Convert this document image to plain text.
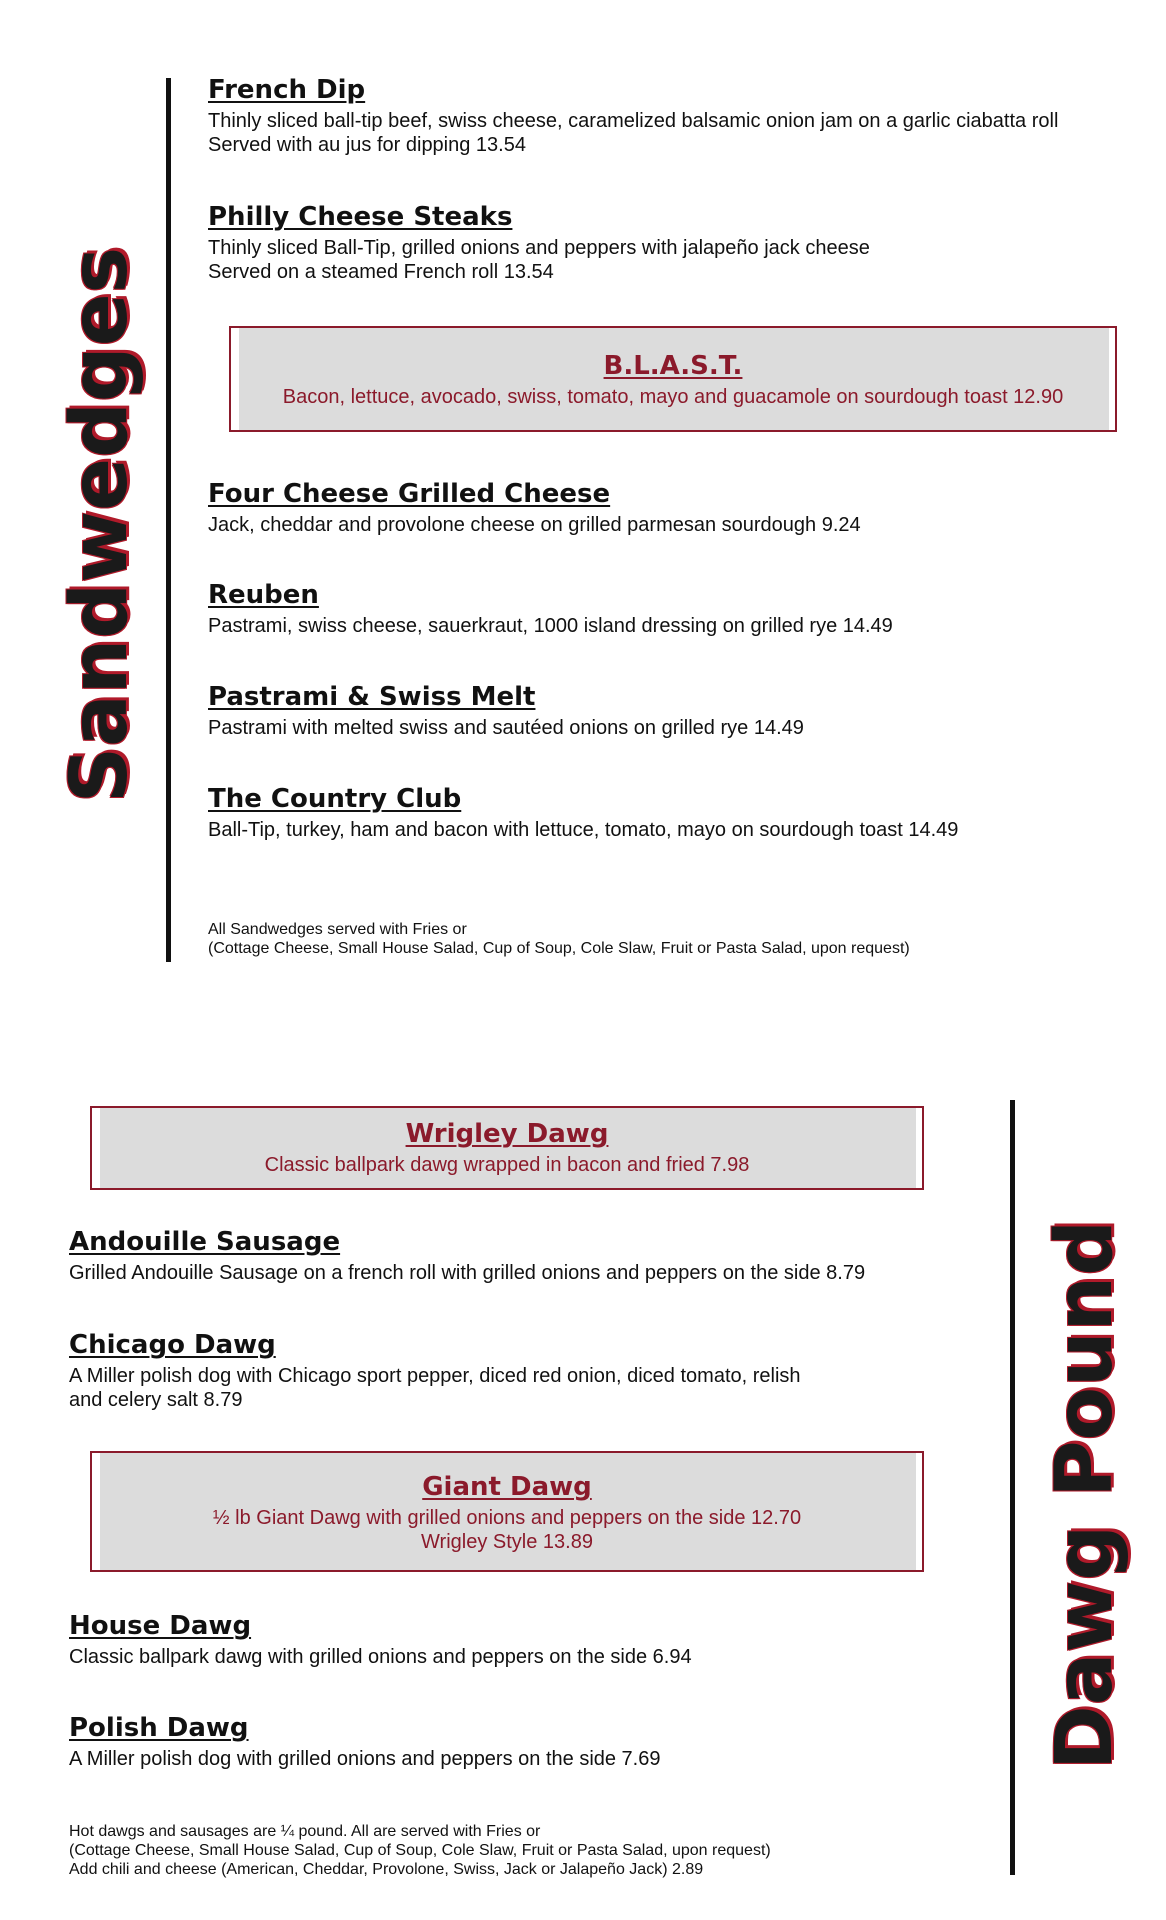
Sandwedges
French Dip
Thinly sliced ball-tip beef, swiss cheese, caramelized balsamic onion jam on a garlic ciabatta roll
Served with au jus for dipping 13.54
Philly Cheese Steaks
Thinly sliced Ball-Tip, grilled onions and peppers with jalapeño jack cheese
Served on a steamed French roll 13.54
B.L.A.S.T.
Bacon, lettuce, avocado, swiss, tomato, mayo and guacamole on sourdough toast 12.90
Four Cheese Grilled Cheese
Jack, cheddar and provolone cheese on grilled parmesan sourdough 9.24
Reuben
Pastrami, swiss cheese, sauerkraut, 1000 island dressing on grilled rye 14.49
Pastrami & Swiss Melt
Pastrami with melted swiss and sautéed onions on grilled rye 14.49
The Country Club
Ball-Tip, turkey, ham and bacon with lettuce, tomato, mayo on sourdough toast 14.49
All Sandwedges served with Fries or
(Cottage Cheese, Small House Salad, Cup of Soup, Cole Slaw, Fruit or Pasta Salad, upon request)
Dawg Pound
Wrigley Dawg
Classic ballpark dawg wrapped in bacon and fried 7.98
Andouille Sausage
Grilled Andouille Sausage on a french roll with grilled onions and peppers on the side 8.79
Chicago Dawg
A Miller polish dog with Chicago sport pepper, diced red onion, diced tomato, relish
and celery salt 8.79
Giant Dawg
½ lb Giant Dawg with grilled onions and peppers on the side 12.70
Wrigley Style 13.89
House Dawg
Classic ballpark dawg with grilled onions and peppers on the side 6.94
Polish Dawg
A Miller polish dog with grilled onions and peppers on the side 7.69
Hot dawgs and sausages are ¼ pound. All are served with Fries or
(Cottage Cheese, Small House Salad, Cup of Soup, Cole Slaw, Fruit or Pasta Salad, upon request)
Add chili and cheese (American, Cheddar, Provolone, Swiss, Jack or Jalapeño Jack) 2.89
